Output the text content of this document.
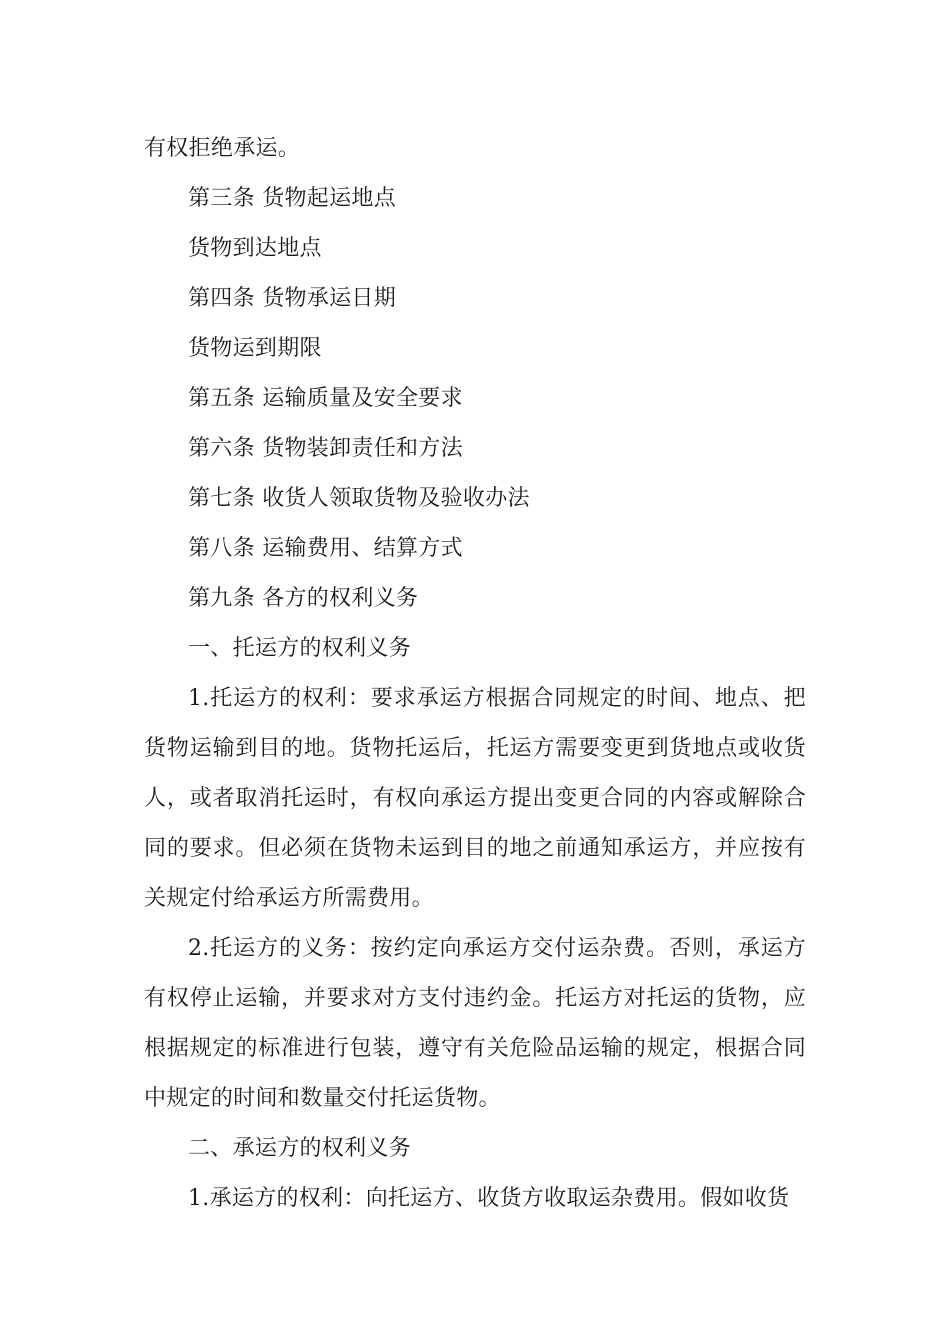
有权拒绝承运。

第三条 货物起运地点

货物到达地点

第四条 货物承运日期

货物运到期限

第五条 运输质量及安全要求

第六条 货物装卸责任和方法

第七条 收货人领取货物及验收办法

第八条 运输费用、结算方式

第九条 各方的权利义务

一、托运方的权利义务

1.托运方的权利：要求承运方根据合同规定的时间、地点、把货物运输到目的地。货物托运后，托运方需要变更到货地点或收货人，或者取消托运时，有权向承运方提出变更合同的内容或解除合同的要求。但必须在货物未运到目的地之前通知承运方，并应按有关规定付给承运方所需费用。

2.托运方的义务：按约定向承运方交付运杂费。否则，承运方有权停止运输，并要求对方支付违约金。托运方对托运的货物，应根据规定的标准进行包装，遵守有关危险品运输的规定，根据合同中规定的时间和数量交付托运货物。

二、承运方的权利义务

1.承运方的权利：向托运方、收货方收取运杂费用。假如收货
